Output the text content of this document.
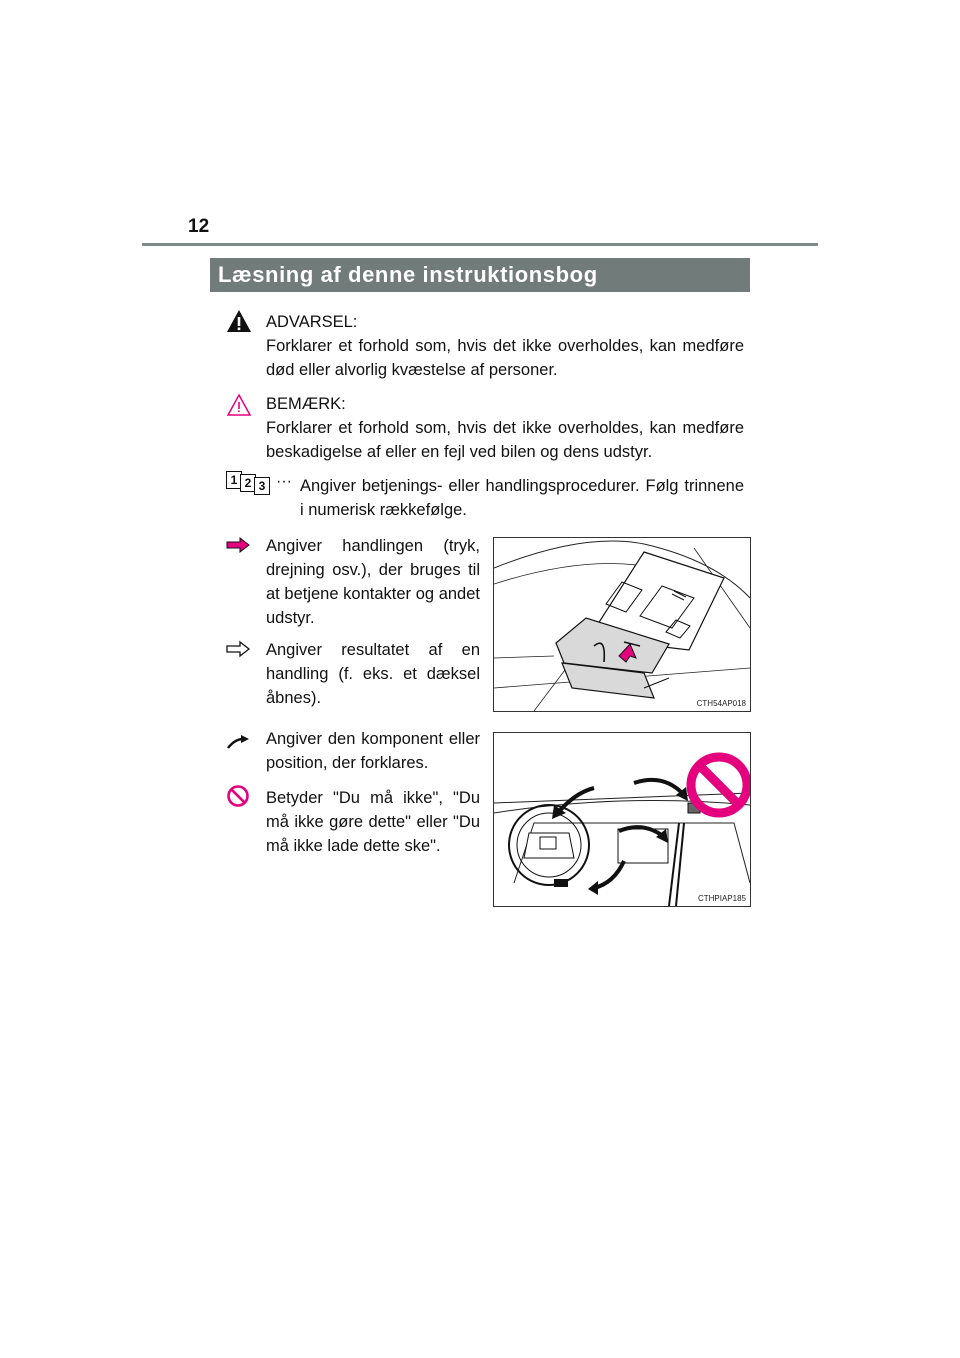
12
Læsning af denne instruktionsbog
ADVARSEL:
Forklarer et forhold som, hvis det ikke overholdes, kan medføre død eller alvorlig kvæstelse af personer.
BEMÆRK:
Forklarer et forhold som, hvis det ikke overholdes, kan medføre beskadigelse af eller en fejl ved bilen og dens udstyr.
1 2 3 ··· Angiver betjenings- eller handlingsprocedurer. Følg trinnene i numerisk rækkefølge.
Angiver handlingen (tryk, drejning osv.), der bruges til at betjene kontakter og andet udstyr.
Angiver resultatet af en handling (f. eks. et dæksel åbnes).
Angiver den komponent eller position, der forklares.
Betyder "Du må ikke", "Du må ikke gøre dette" eller "Du må ikke lade dette ske".
CTH54AP018
CTHPIAP185
